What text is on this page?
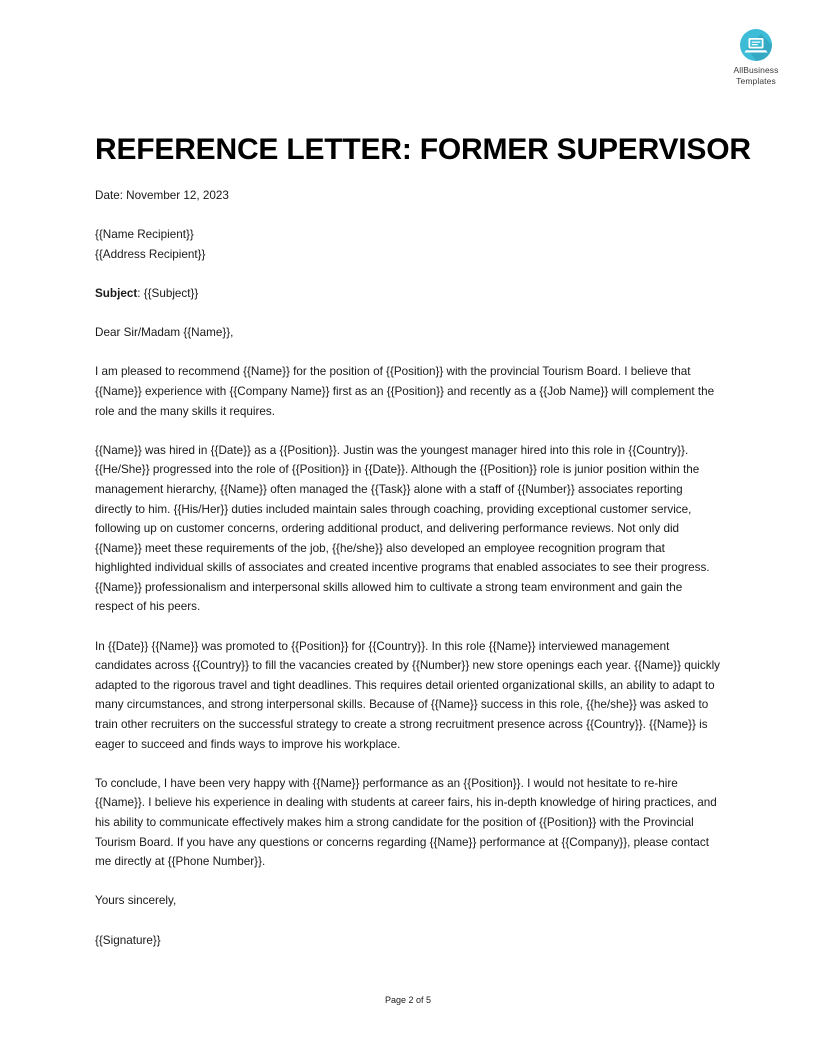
AllBusiness
Templates
REFERENCE LETTER: FORMER SUPERVISOR

Date: November 12, 2023

{{Name Recipient}}

{{Address Recipient}}

Subject: {{Subject}}

Dear Sir/Madam {{Name}},

I am pleased to recommend {{Name}} for the position of {{Position}} with the provincial Tourism Board. I believe that {{Name}} experience with {{Company Name}} first as an {{Position}} and recently as a {{Job Name}} will complement the role and the many skills it requires.

{{Name}} was hired in {{Date}} as a {{Position}}. Justin was the youngest manager hired into this role in {{Country}}. {{He/She}} progressed into the role of {{Position}} in {{Date}}. Although the {{Position}} role is junior position within the management hierarchy, {{Name}} often managed the {{Task}} alone with a staff of {{Number}} associates reporting directly to him. {{His/Her}} duties included maintain sales through coaching, providing exceptional customer service, following up on customer concerns, ordering additional product, and delivering performance reviews. Not only did {{Name}} meet these requirements of the job, {{he/she}} also developed an employee recognition program that highlighted individual skills of associates and created incentive programs that enabled associates to see their progress. {{Name}} professionalism and interpersonal skills allowed him to cultivate a strong team environment and gain the respect of his peers.

In {{Date}} {{Name}} was promoted to {{Position}} for {{Country}}. In this role {{Name}} interviewed management candidates across {{Country}} to fill the vacancies created by {{Number}} new store openings each year. {{Name}} quickly adapted to the rigorous travel and tight deadlines. This requires detail oriented organizational skills, an ability to adapt to many circumstances, and strong interpersonal skills. Because of {{Name}} success in this role, {{he/she}} was asked to train other recruiters on the successful strategy to create a strong recruitment presence across {{Country}}. {{Name}} is eager to succeed and finds ways to improve his workplace.

To conclude, I have been very happy with {{Name}} performance as an {{Position}}. I would not hesitate to re-hire {{Name}}. I believe his experience in dealing with students at career fairs, his in-depth knowledge of hiring practices, and his ability to communicate effectively makes him a strong candidate for the position of {{Position}} with the Provincial Tourism Board. If you have any questions or concerns regarding {{Name}} performance at {{Company}}, please contact me directly at {{Phone Number}}.

Yours sincerely,

{{Signature}}

Page 2 of 5
